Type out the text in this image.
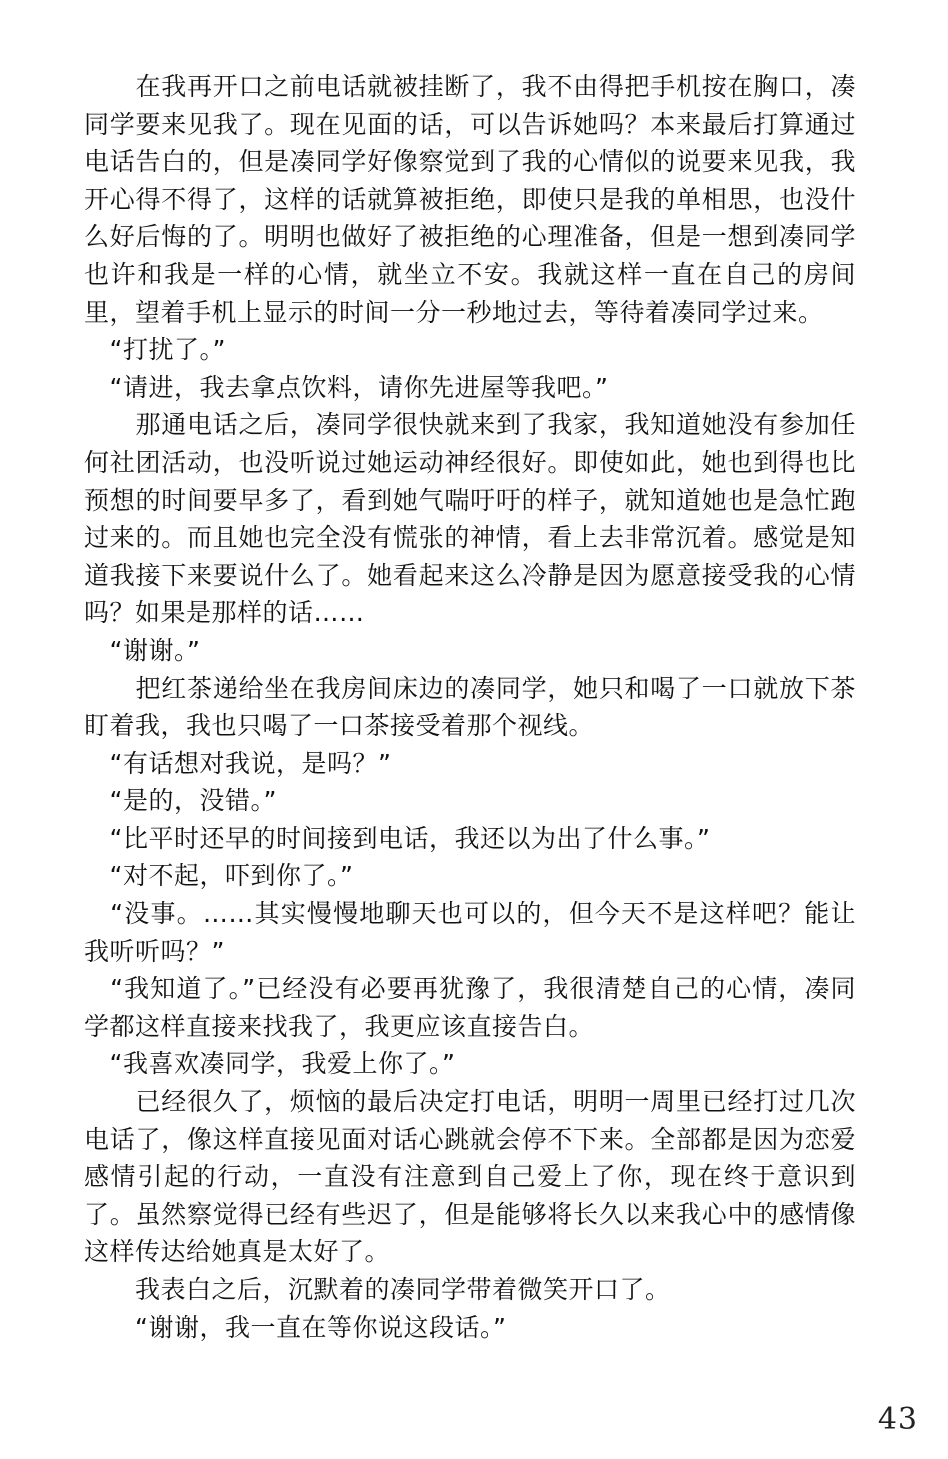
　　在我再开口之前电话就被挂断了，我不由得把手机按在胸口，凑同学要来见我了。现在见面的话，可以告诉她吗？本来最后打算通过电话告白的，但是凑同学好像察觉到了我的心情似的说要来见我，我开心得不得了，这样的话就算被拒绝，即使只是我的单相思，也没什么好后悔的了。明明也做好了被拒绝的心理准备，但是一想到凑同学也许和我是一样的心情，就坐立不安。我就这样一直在自己的房间里，望着手机上显示的时间一分一秒地过去，等待着凑同学过来。

　“打扰了。”

　“请进，我去拿点饮料，请你先进屋等我吧。”

　　那通电话之后，凑同学很快就来到了我家，我知道她没有参加任何社团活动，也没听说过她运动神经很好。即使如此，她也到得也比预想的时间要早多了，看到她气喘吁吁的样子，就知道她也是急忙跑过来的。而且她也完全没有慌张的神情，看上去非常沉着。感觉是知道我接下来要说什么了。她看起来这么冷静是因为愿意接受我的心情吗？如果是那样的话……

　“谢谢。”

　　把红茶递给坐在我房间床边的凑同学，她只和喝了一口就放下茶盯着我，我也只喝了一口茶接受着那个视线。

　“有话想对我说，是吗？”

　“是的，没错。”

　“比平时还早的时间接到电话，我还以为出了什么事。”

　“对不起，吓到你了。”

　“没事。……其实慢慢地聊天也可以的，但今天不是这样吧？能让我听听吗？”

　“我知道了。”已经没有必要再犹豫了，我很清楚自己的心情，凑同学都这样直接来找我了，我更应该直接告白。

　“我喜欢凑同学，我爱上你了。”

　　已经很久了，烦恼的最后决定打电话，明明一周里已经打过几次电话了，像这样直接见面对话心跳就会停不下来。全部都是因为恋爱感情引起的行动，一直没有注意到自己爱上了你，现在终于意识到了。虽然察觉得已经有些迟了，但是能够将长久以来我心中的感情像这样传达给她真是太好了。

　　我表白之后，沉默着的凑同学带着微笑开口了。

　　“谢谢，我一直在等你说这段话。”

43
